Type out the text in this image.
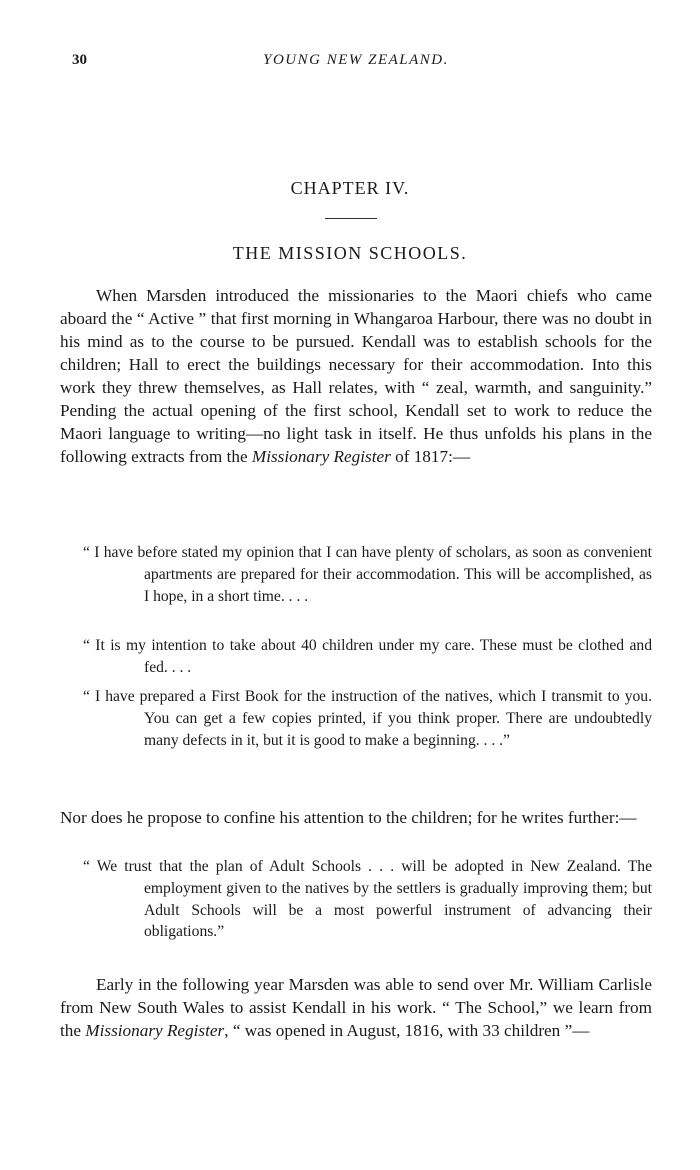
30	YOUNG NEW ZEALAND.
CHAPTER IV.
THE MISSION SCHOOLS.

When Marsden introduced the missionaries to the Maori chiefs who came aboard the “ Active ” that first morning in Whangaroa Harbour, there was no doubt in his mind as to the course to be pursued. Kendall was to establish schools for the children; Hall to erect the buildings necessary for their accommodation. Into this work they threw themselves, as Hall relates, with “ zeal, warmth, and sanguinity.” Pending the actual opening of the first school, Kendall set to work to reduce the Maori language to writing—no light task in itself. He thus unfolds his plans in the following extracts from the Missionary Register of 1817:—

“ I have before stated my opinion that I can have plenty of scholars, as soon as convenient apartments are prepared for their accommodation. This will be accomplished, as I hope, in a short time. . . .

“ It is my intention to take about 40 children under my care. These must be clothed and fed. . . .

“ I have prepared a First Book for the instruction of the natives, which I transmit to you. You can get a few copies printed, if you think proper. There are undoubtedly many defects in it, but it is good to make a beginning. . . .”

Nor does he propose to confine his attention to the children; for he writes further:—

“ We trust that the plan of Adult Schools . . . will be adopted in New Zealand. The employment given to the natives by the settlers is gradually improving them; but Adult Schools will be a most powerful instrument of advancing their obligations.”

Early in the following year Marsden was able to send over Mr. William Carlisle from New South Wales to assist Kendall in his work. “ The School,” we learn from the Missionary Register, “ was opened in August, 1816, with 33 children ”—
